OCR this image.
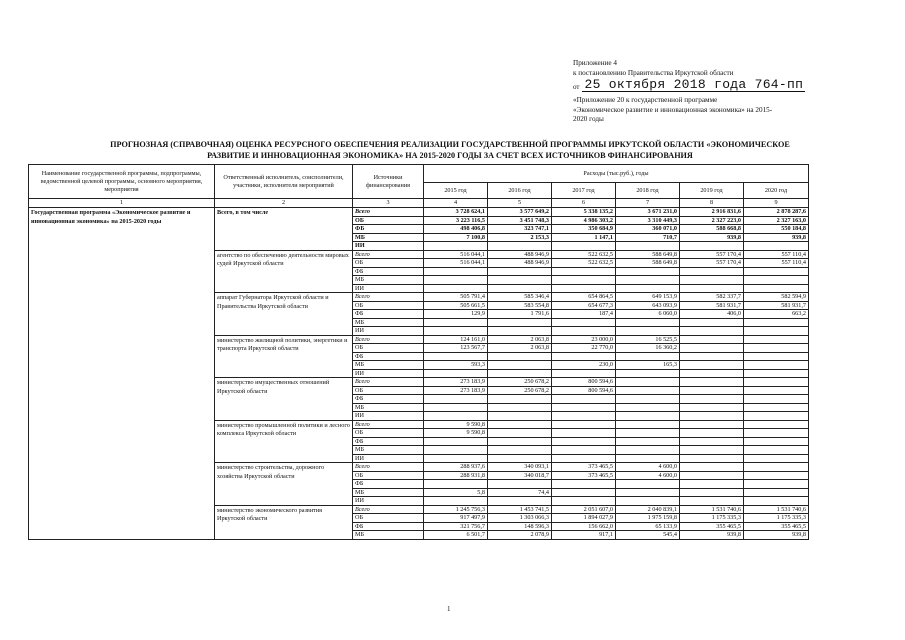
Приложение 4
к постановлению Правительства Иркутской области
от 25 октября 2018 года 764-пп
«Приложение 20 к государственной программе
«Экономическое развитие и инновационная экономика» на 2015-
2020 годы
ПРОГНОЗНАЯ (СПРАВОЧНАЯ) ОЦЕНКА РЕСУРСНОГО ОБЕСПЕЧЕНИЯ РЕАЛИЗАЦИИ ГОСУДАРСТВЕННОЙ ПРОГРАММЫ ИРКУТСКОЙ ОБЛАСТИ «ЭКОНОМИЧЕСКОЕ
РАЗВИТИЕ И ИННОВАЦИОННАЯ ЭКОНОМИКА» НА 2015-2020 ГОДЫ ЗА СЧЕТ ВСЕХ ИСТОЧНИКОВ ФИНАНСИРОВАНИЯ
Наименование государственной программы, подпрограммы, ведомственной целевой программы, основного мероприятия, мероприятия	Ответственный исполнитель, соисполнители, участники, исполнители мероприятий	Источники финансирования	Расходы (тыс.руб.), годы					
			2015 год	2016 год	2017 год	2018 год	2019 год	2020 год
1	2	3	4	5	6	7	8	9
Государственная программа «Экономическое развитие и инновационная экономика» на 2015-2020 годы	Всего, в том числе	Всего	3 728 624,1	3 577 649,2	5 338 135,2	3 671 231,0	2 916 831,6	2 878 287,6
		ОБ	3 223 116,5	3 451 748,3	4 986 303,2	3 310 449,3	2 327 223,0	2 327 163,0
		ФБ	498 406,8	323 747,1	350 684,9	360 071,0	588 668,8	550 184,8
		МБ	7 100,8	2 153,3	1 147,1	710,7	939,8	939,8
		ИИ						
	агентство по обеспечению деятельности мировых судей Иркутской области	Всего	516 044,1	488 946,9	522 632,5	588 649,8	557 170,4	557 110,4
		ОБ	516 044,1	488 946,9	522 632,5	588 649,8	557 170,4	557 110,4
		ФБ						
		МБ						
		ИИ						
	аппарат Губернатора Иркутской области и Правительства Иркутской области	Всего	505 791,4	585 346,4	654 864,5	649 153,9	582 337,7	582 594,9
		ОБ	505 661,5	583 554,8	654 677,3	643 093,9	581 931,7	581 931,7
		ФБ	129,9	1 791,6	187,4	6 060,0	406,0	663,2
		МБ						
		ИИ						
	министерство жилищной политики, энергетики и транспорта Иркутской области	Всего	124 161,0	2 063,8	23 000,0	16 525,5		
		ОБ	123 567,7	2 063,8	22 770,0	16 360,2		
		ФБ						
		МБ	593,3		230,0	165,3		
		ИИ						
	министерство имущественных отношений Иркутской области	Всего	273 183,9	250 678,2	800 594,6			
		ОБ	273 183,9	250 678,2	800 594,6			
		ФБ						
		МБ						
		ИИ						
	министерство промышленной политики и лесного комплекса Иркутской области	Всего	9 590,8					
		ОБ	9 590,8					
		ФБ						
		МБ						
		ИИ						
	министерство строительства, дорожного хозяйства Иркутской области	Всего	288 937,6	340 093,1	373 465,5	4 600,0		
		ОБ	288 931,8	340 018,7	373 465,5	4 600,0		
		ФБ						
		МБ	5,8	74,4				
		ИИ						
	министерство экономического развития Иркутской области	Всего	1 245 756,3	1 453 741,5	2 051 607,0	2 040 839,1	1 531 740,6	1 531 740,6
		ОБ	917 497,9	1 303 066,3	1 894 027,9	1 975 159,8	1 175 335,3	1 175 335,3
		ФБ	321 756,7	148 596,3	156 662,0	65 133,9	355 465,5	355 465,5
		МБ	6 501,7	2 078,9	917,1	545,4	939,8	939,8
1
